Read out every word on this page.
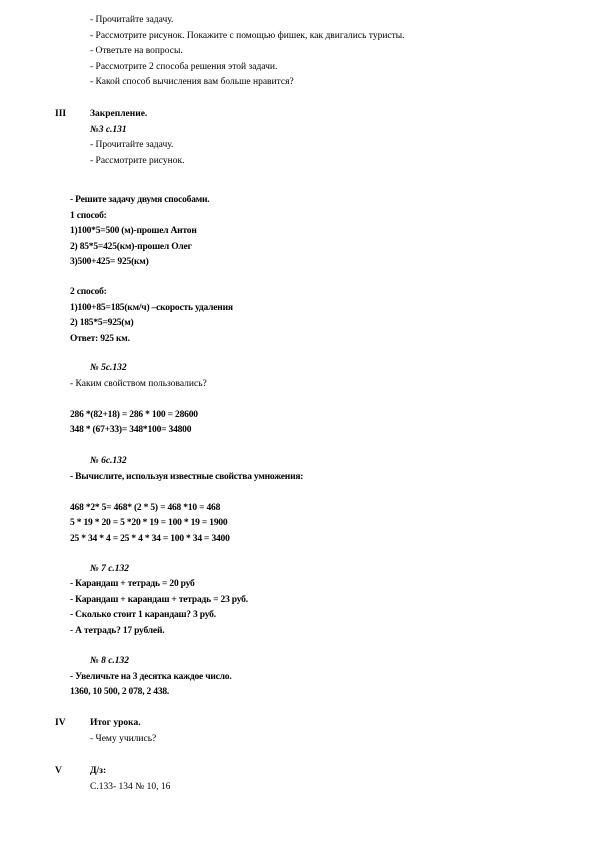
- Прочитайте задачу.
- Рассмотрите рисунок. Покажите с помощью фишек, как двигались туристы.
- Ответьте на вопросы.
- Рассмотрите 2 способа решения этой задачи.
- Какой способ вычисления вам больше нравится?
III	Закрепление.
№3 с.131
- Прочитайте задачу.
- Рассмотрите рисунок.
- Решите задачу двумя способами.
1 способ:
1)100*5=500 (м)-прошел Антон
2) 85*5=425(км)-прошел Олег
3)500+425= 925(км)
2 способ:
1)100+85=185(км/ч) –скорость удаления
2) 185*5=925(м)
Ответ: 925 км.
№ 5с.132
- Каким свойством пользовались?
286 *(82+18) = 286 * 100 = 28600
348 * (67+33)= 348*100= 34800
№ 6с.132
- Вычислите, используя известные свойства умножения:
468 *2* 5= 468* (2 * 5) = 468 *10 = 468
5 * 19 * 20 = 5 *20 * 19 = 100 * 19 = 1900
25 * 34 * 4 = 25 * 4 * 34 = 100 * 34 = 3400
№ 7 с.132
- Карандаш + тетрадь = 20 руб
- Карандаш + карандаш + тетрадь = 23 руб.
- Сколько стоит 1 карандаш? 3 руб.
- А тетрадь? 17 рублей.
№ 8 с.132
- Увеличьте на 3 десятка каждое число.
1360, 10 500, 2 078, 2 438.
IV	Итог урока.
- Чему учились?
V	Д/з:
С.133- 134 № 10, 16
